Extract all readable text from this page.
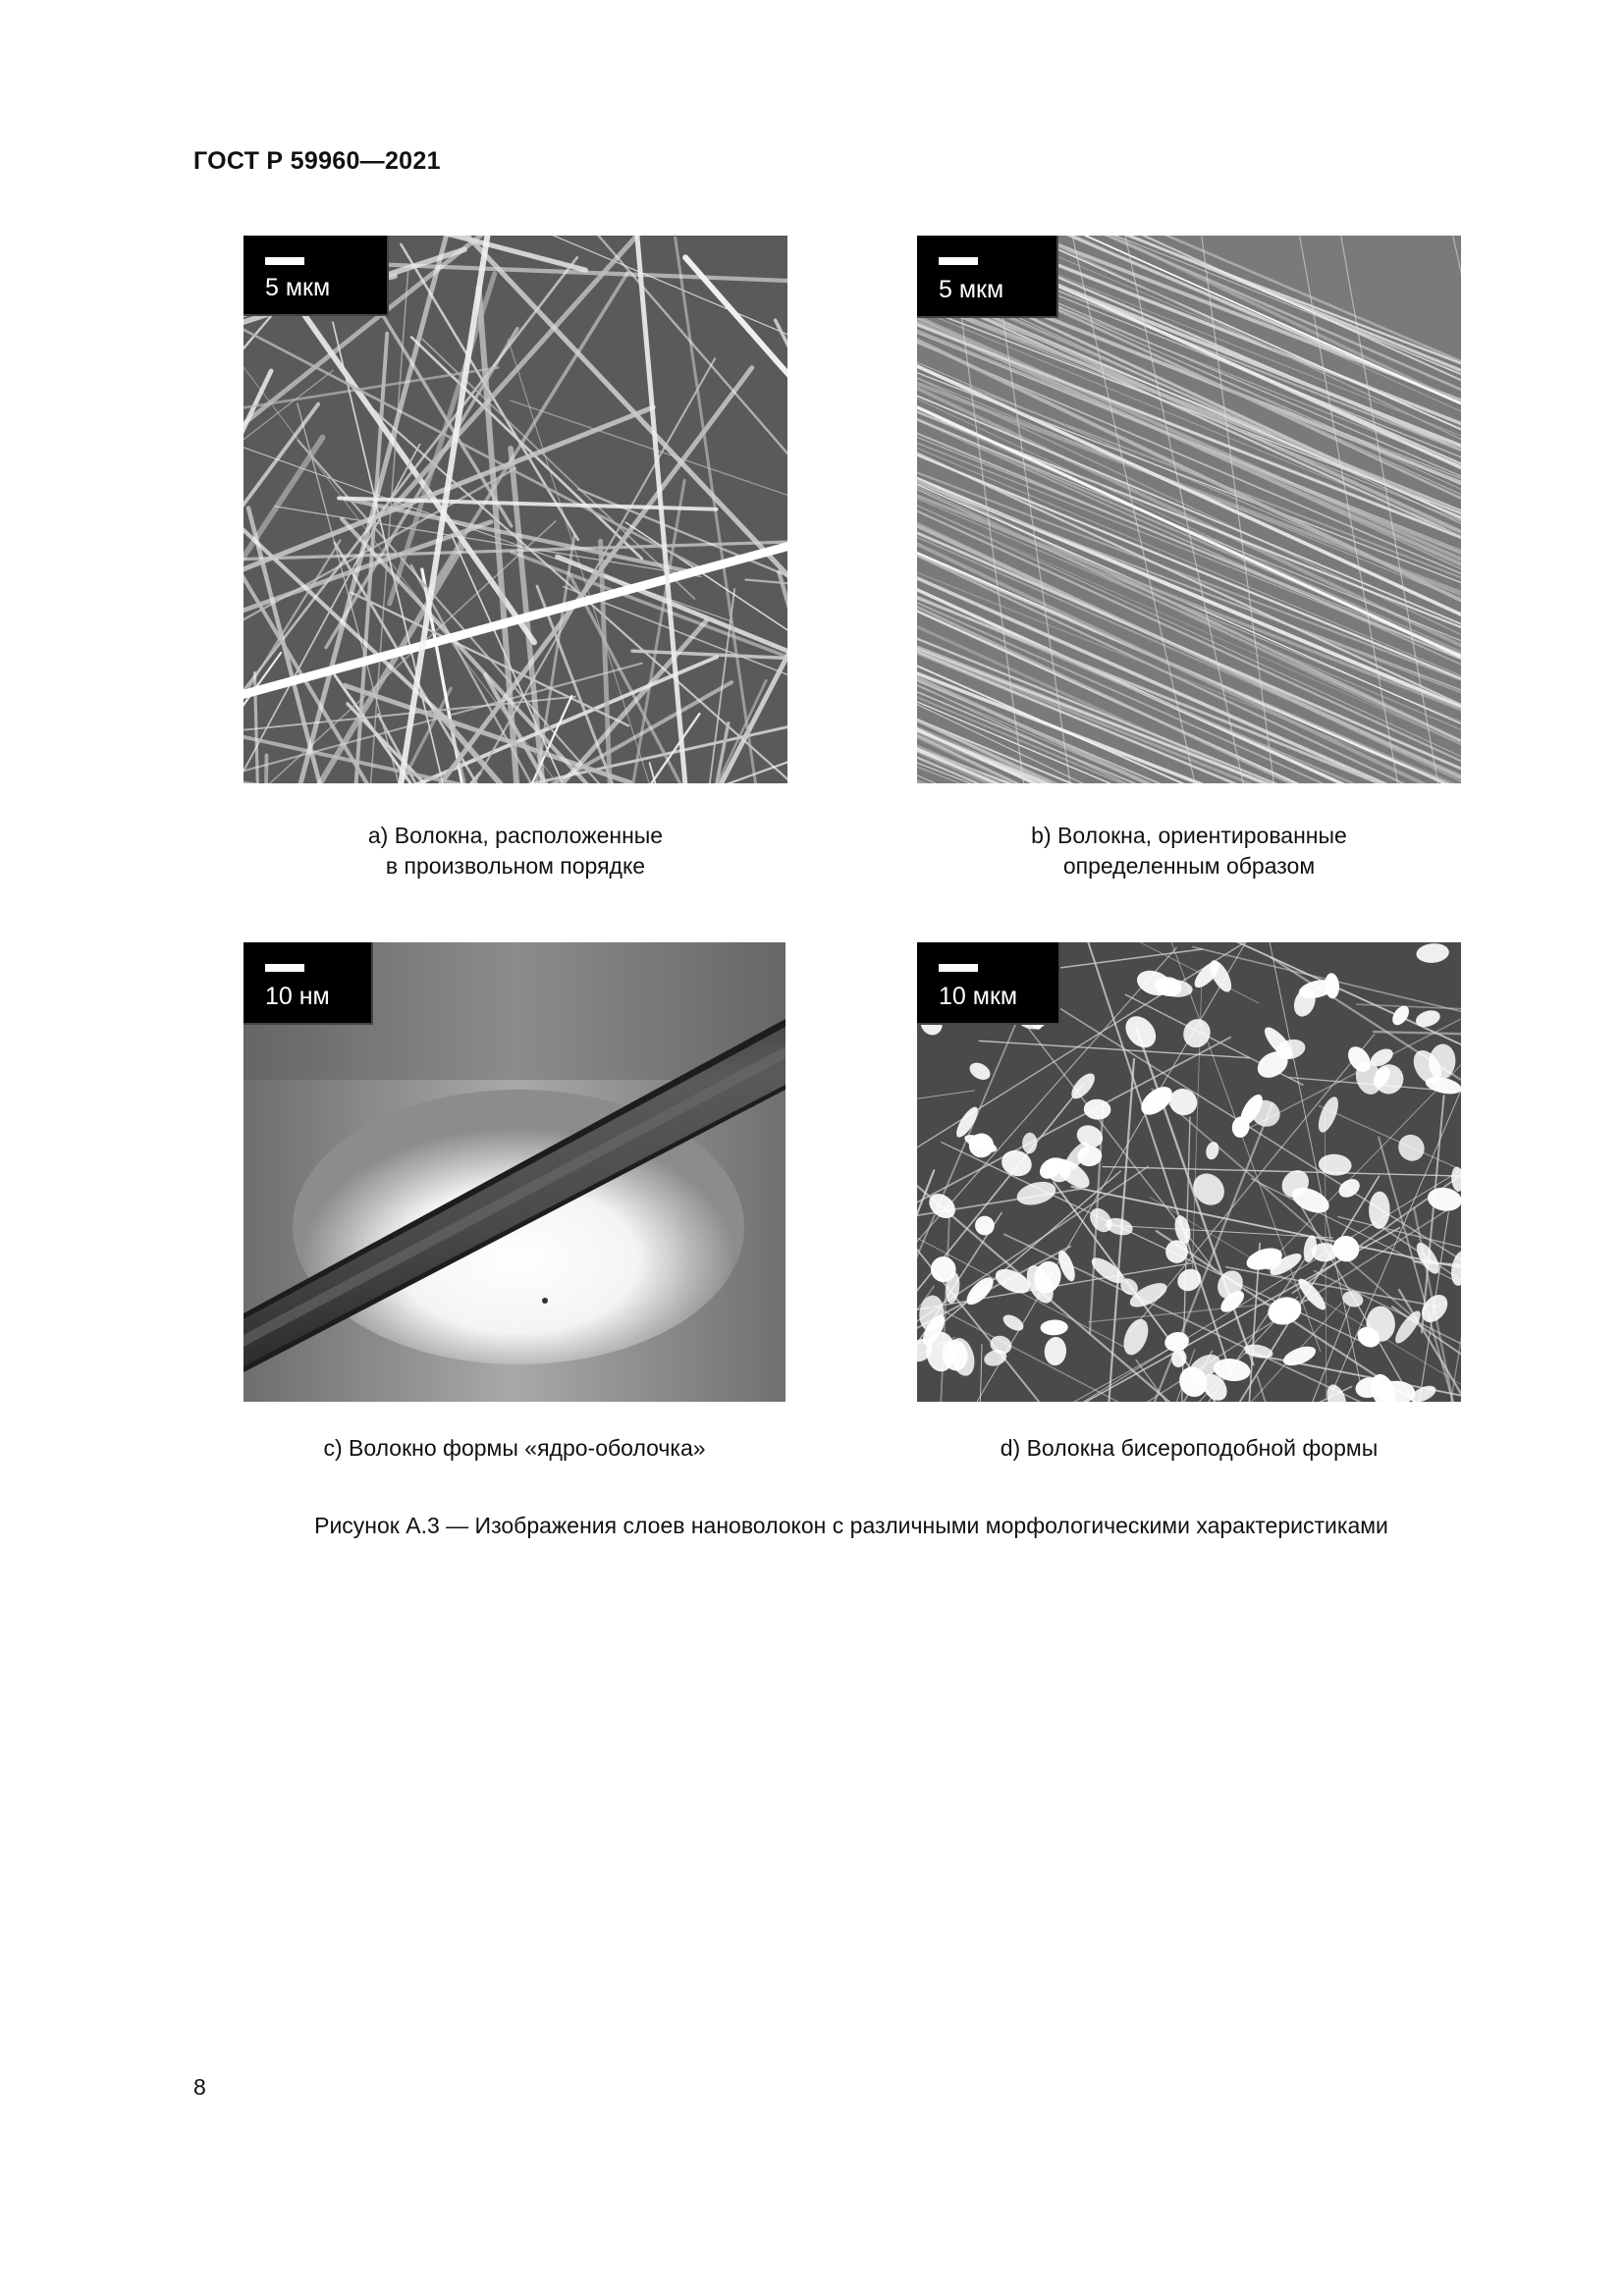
ГОСТ Р 59960—2021
5 мкм	5 мкм
а) Волокна, расположенные
в произвольном порядке
b) Волокна, ориентированные
определенным образом
10 нм	10 мкм
с) Волокно формы «ядро-оболочка»	d) Волокна бисероподобной формы
Рисунок А.3 — Изображения слоев нановолокон с различными морфологическими характеристиками
8
